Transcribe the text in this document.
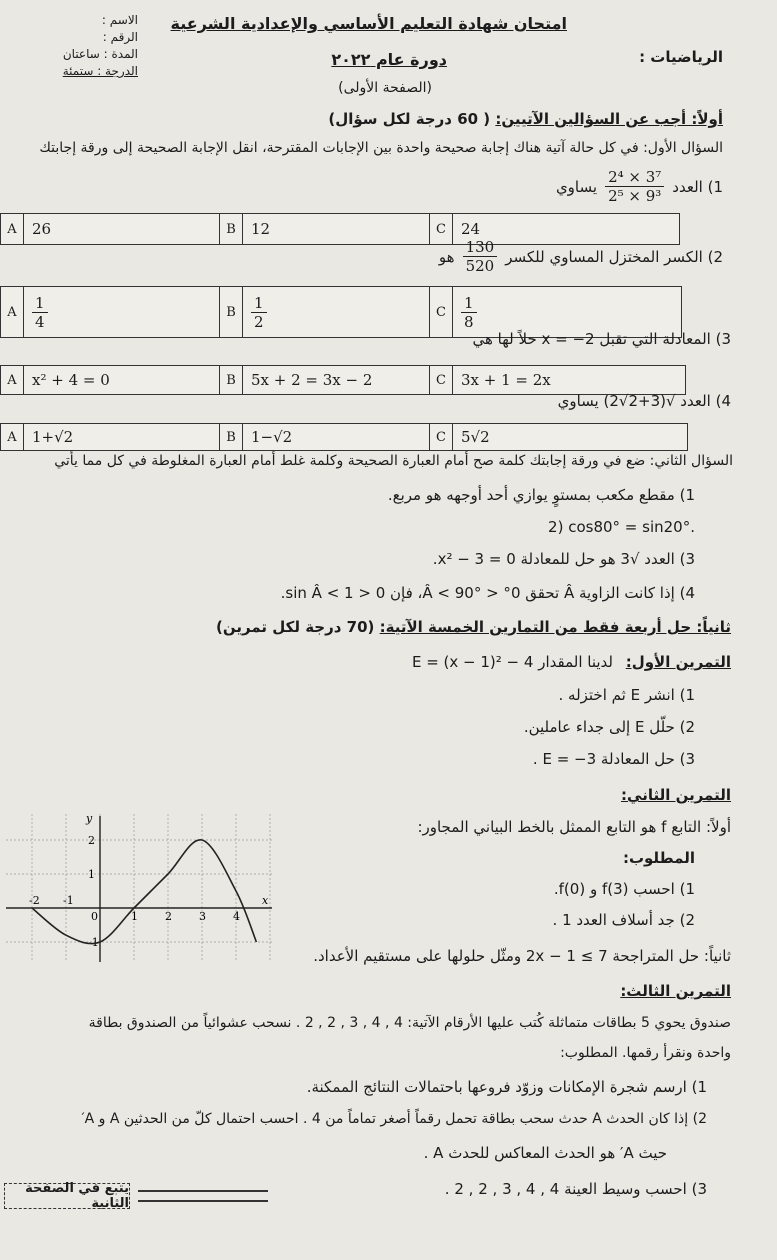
امتحان شهادة التعليم الأساسي والإعدادية الشرعية
دورة عام ٢٠٢٢
(الصفحة الأولى)
الرياضيات :
الاسم :
الرقم :
المدة : ساعتان
الدرجة : ستمئة
أولاً: أجب عن السؤالين الآتيين: ( 60 درجة لكل سؤال)
السؤال الأول: في كل حالة آتية هناك إجابة صحيحة واحدة بين الإجابات المقترحة، انقل الإجابة الصحيحة إلى ورقة إجابتك
1) العدد
$\frac{\text{3⁷ × 2⁴}}{\text{9³ × 2⁵}}$
يساوي
A	26	B	12	C	24
2) الكسر المختزل المساوي للكسر
$\frac{130}{520}$
هو
A	$\frac{1}{4}$	B	$\frac{1}{2}$	C	$\frac{1}{8}$
3) المعادلة التي تقبل x = −2 حلاً لها هي
A	x² + 4 = 0	B	5x + 2 = 3x − 2	C	3x + 1 = 2x
4) العدد √(3+2√2) يساوي
A	1+√2	B	1−√2	C	5√2
السؤال الثاني: ضع في ورقة إجابتك كلمة صح أمام العبارة الصحيحة وكلمة غلط أمام العبارة المغلوطة في كل مما يأتي
1) مقطع مكعب بمستوٍ يوازي أحد أوجهه هو مربع.
2) cos80° = sin20°.
3) العدد √3 هو حل للمعادلة x² − 3 = 0.
4) إذا كانت الزاوية Â تحقق 0° < Â < 90°، فإن 0 < sin Â < 1.
ثانياً: حل أربعة فقط من التمارين الخمسة الآتية: (70 درجة لكل تمرين)
التمرين الأول:
لدينا المقدار E = (x − 1)² − 4
1) انشر E ثم اختزله .
2) حلّل E إلى جداء عاملين.
3) حل المعادلة E = −3 .
التمرين الثاني:
أولاً: التابع f هو التابع الممثل بالخط البياني المجاور:
المطلوب:
1) احسب f(3) و f(0).
2) جد أسلاف العدد 1 .
ثانياً: حل المتراجحة 2x − 1 ≤ 7 ومثّل حلولها على مستقيم الأعداد.
-2 -1
0	1 2 3 4
2
1
-1
x
y
التمرين الثالث:
صندوق يحوي 5 بطاقات متماثلة كُتب عليها الأرقام الآتية: 4 , 4 , 3 , 2 , 2 . نسحب عشوائياً من الصندوق بطاقة
واحدة ونقرأ رقمها. المطلوب:
1) ارسم شجرة الإمكانات وزوّد فروعها باحتمالات النتائج الممكنة.
2) إذا كان الحدث A حدث سحب بطاقة تحمل رقماً أصغر تماماً من 4 . احسب احتمال كلّ من الحدثين A و A′
حيث A′ هو الحدث المعاكس للحدث A .
3) احسب وسيط العينة 4 , 4 , 3 , 2 , 2 .
يتبع في الصفحة الثانية
